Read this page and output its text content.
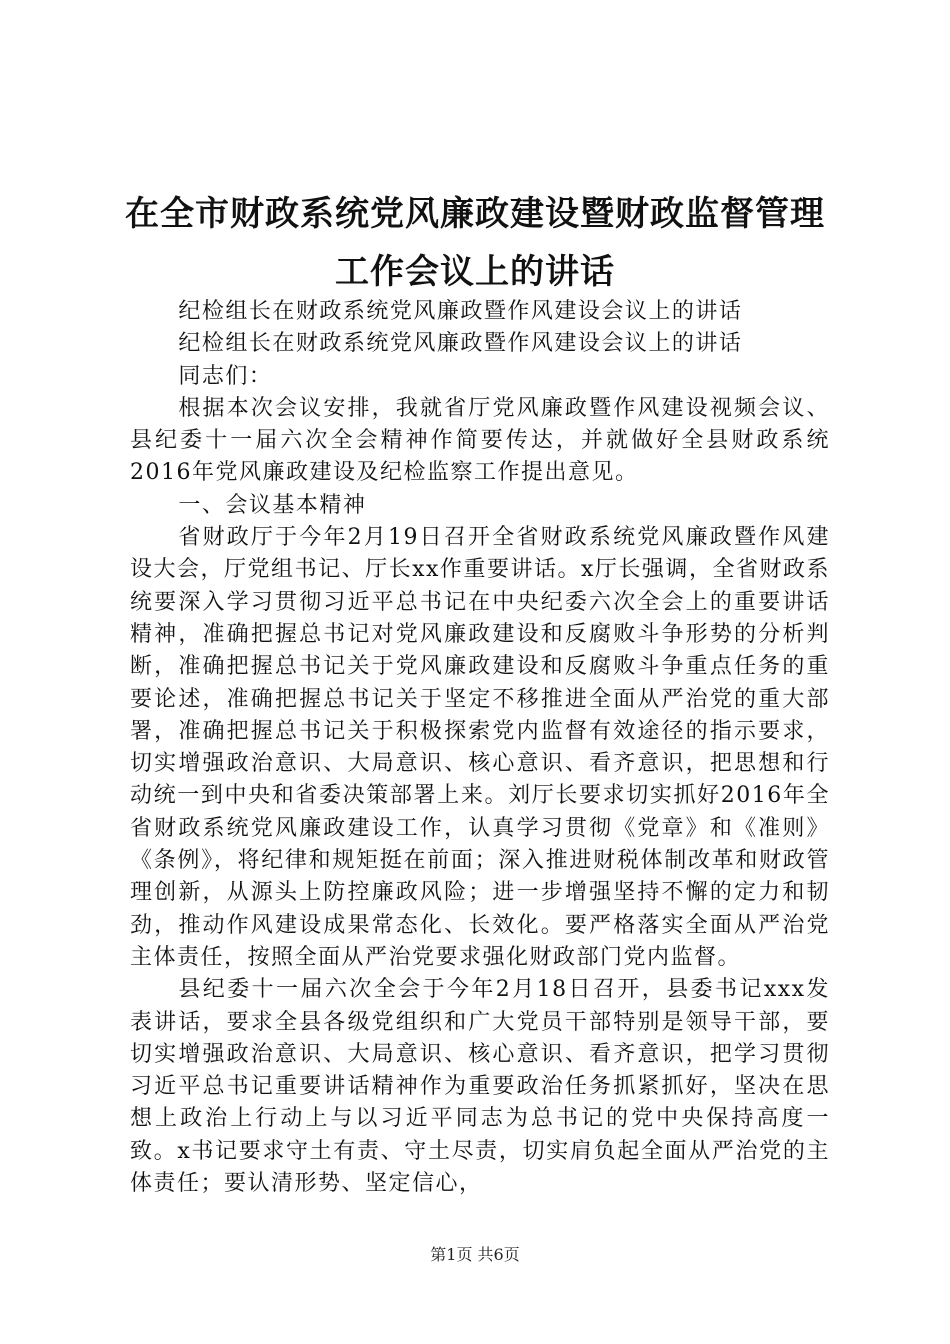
在全市财政系统党风廉政建设暨财政监督管理
工作会议上的讲话

纪检组长在财政系统党风廉政暨作风建设会议上的讲话

纪检组长在财政系统党风廉政暨作风建设会议上的讲话

同志们：

根据本次会议安排，我就省厅党风廉政暨作风建设视频会议、县纪委十一届六次全会精神作简要传达，并就做好全县财政系统2016年党风廉政建设及纪检监察工作提出意见。

一、会议基本精神

省财政厅于今年2月19日召开全省财政系统党风廉政暨作风建设大会，厅党组书记、厅长xx作重要讲话。x厅长强调，全省财政系统要深入学习贯彻习近平总书记在中央纪委六次全会上的重要讲话精神，准确把握总书记对党风廉政建设和反腐败斗争形势的分析判断，准确把握总书记关于党风廉政建设和反腐败斗争重点任务的重要论述，准确把握总书记关于坚定不移推进全面从严治党的重大部署，准确把握总书记关于积极探索党内监督有效途径的指示要求，切实增强政治意识、大局意识、核心意识、看齐意识，把思想和行动统一到中央和省委决策部署上来。刘厅长要求切实抓好2016年全省财政系统党风廉政建设工作，认真学习贯彻《党章》和《准则》《条例》，将纪律和规矩挺在前面；深入推进财税体制改革和财政管理创新，从源头上防控廉政风险；进一步增强坚持不懈的定力和韧劲，推动作风建设成果常态化、长效化。要严格落实全面从严治党主体责任，按照全面从严治党要求强化财政部门党内监督。

县纪委十一届六次全会于今年2月18日召开，县委书记xxx发表讲话，要求全县各级党组织和广大党员干部特别是领导干部，要切实增强政治意识、大局意识、核心意识、看齐意识，把学习贯彻习近平总书记重要讲话精神作为重要政治任务抓紧抓好，坚决在思想上政治上行动上与以习近平同志为总书记的党中央保持高度一致。x书记要求守土有责、守土尽责，切实肩负起全面从严治党的主体责任；要认清形势、坚定信心，

第1页 共6页
